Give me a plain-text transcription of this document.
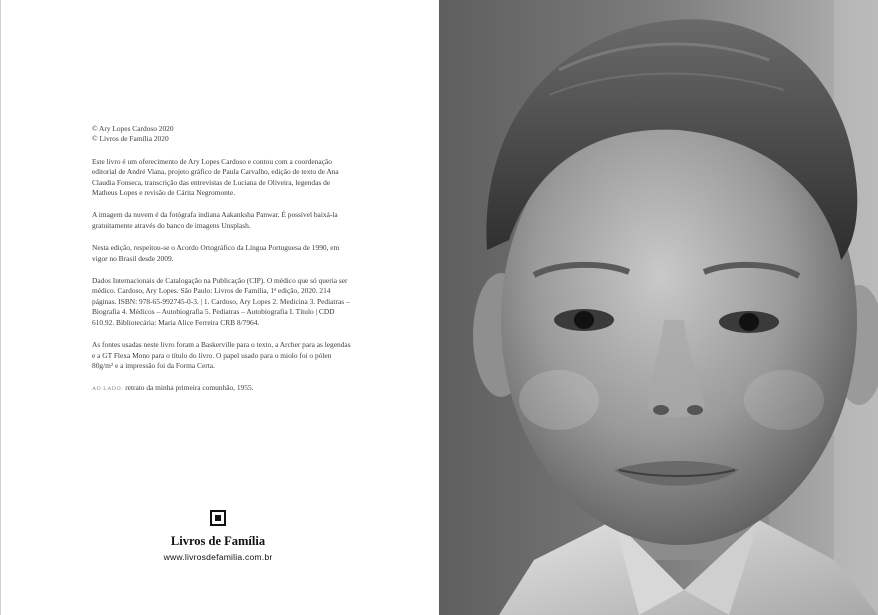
© Ary Lopes Cardoso 2020

© Livros de Família 2020

Este livro é um oferecimento de Ary Lopes Cardoso e contou com a coordenação editorial de André Viana, projeto gráfico de Paula Carvalho, edição de texto de Ana Claudia Fonseca, transcrição das entrevistas de Luciana de Oliveira, legendas de Matheus Lopes e revisão de Cárita Negromonte.

A imagem da nuvem é da fotógrafa indiana Aakanksha Panwar. É possível baixá-la gratuitamente através do banco de imagens Unsplash.

Nesta edição, respeitou-se o Acordo Ortográfico da Língua Portuguesa de 1990, em vigor no Brasil desde 2009.

Dados Internacionais de Catalogação na Publicação (CIP). O médico que só queria ser médico. Cardoso, Ary Lopes. São Paulo: Livros de Família, 1ª edição, 2020. 214 páginas. ISBN: 978-65-992745-0-3. | 1. Cardoso, Ary Lopes 2. Medicina 3. Pediatras – Biografia 4. Médicos – Autobiografia 5. Pediatras – Autobiografia I. Título | CDD 610.92. Bibliotecária: Maria Alice Ferreira CRB 8/7964.

As fontes usadas neste livro foram a Baskerville para o texto, a Archer para as legendas e a GT Flexa Mono para o título do livro. O papel usado para o miolo foi o pólen 80g/m² e a impressão foi da Forma Certa.

AO LADO: retrato da minha primeira comunhão, 1955.

Livros de Família
www.livrosdefamilia.com.br
